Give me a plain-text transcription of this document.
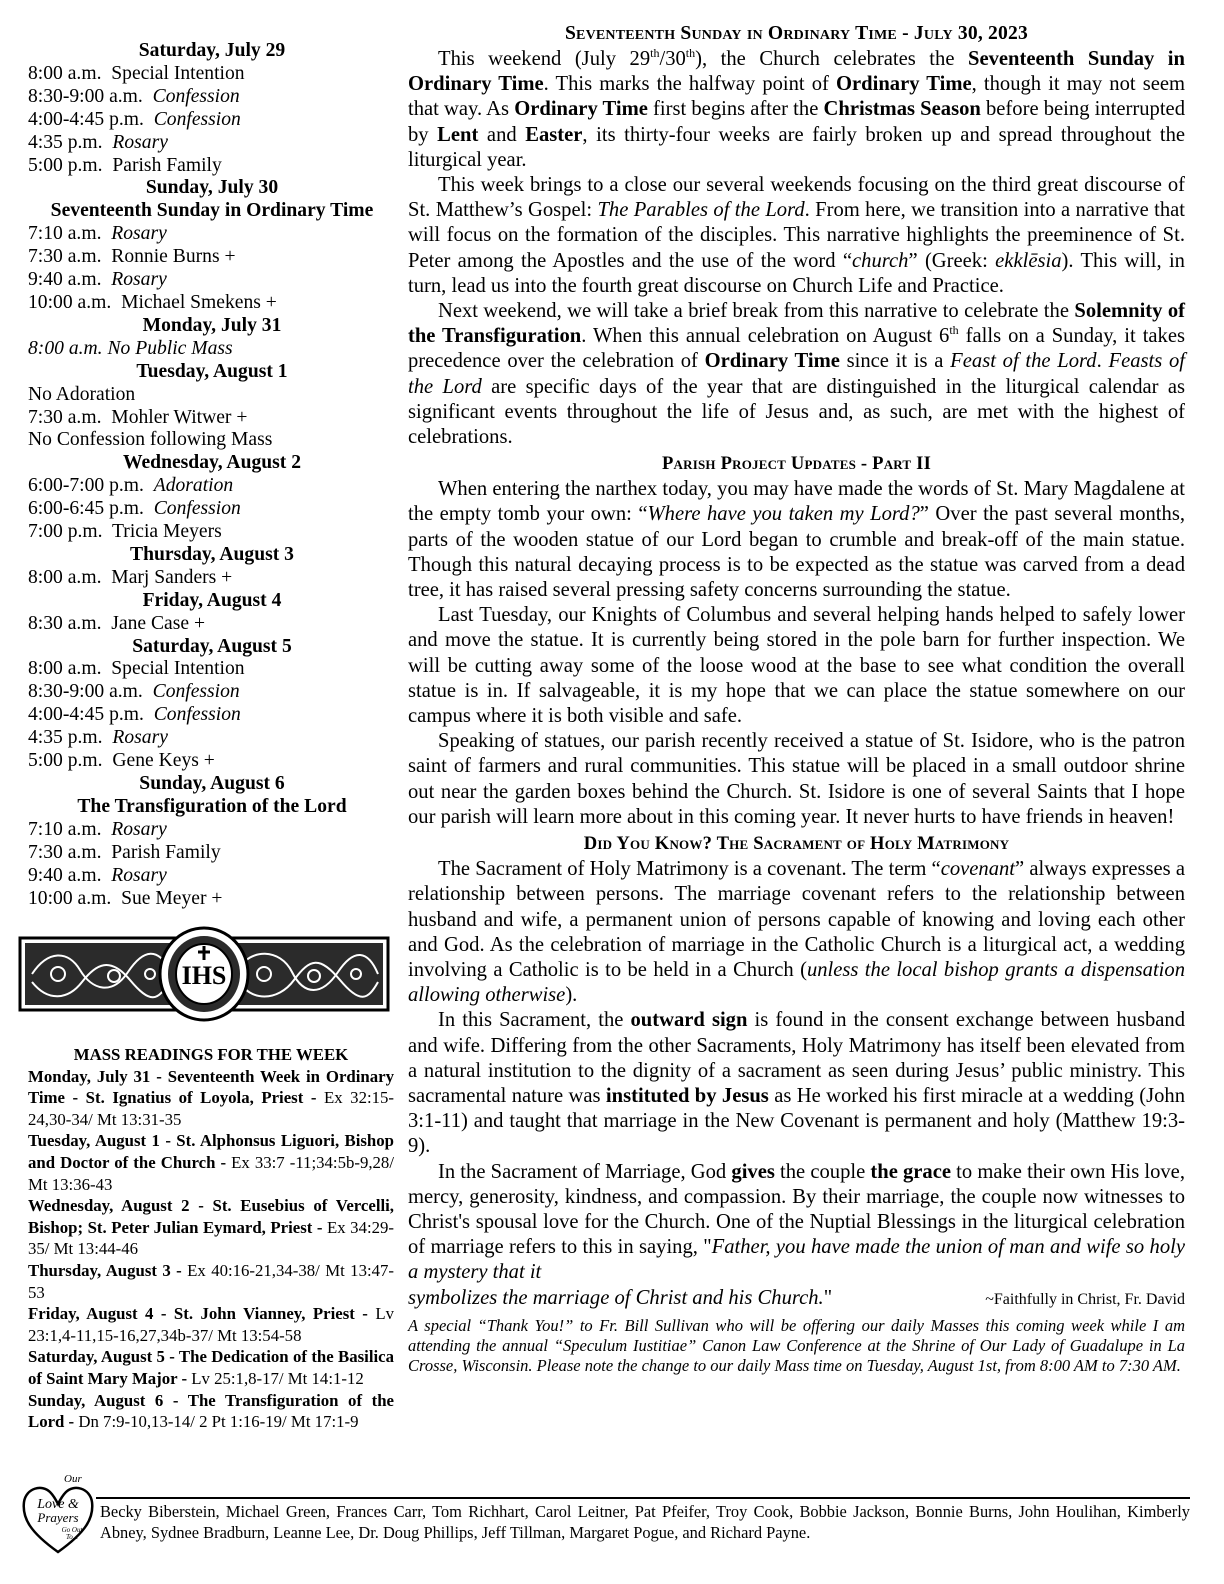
Saturday, July 29
8:00 a.m. Special Intention
8:30-9:00 a.m. Confession
4:00-4:45 p.m. Confession
4:35 p.m. Rosary
5:00 p.m. Parish Family
Sunday, July 30
Seventeenth Sunday in Ordinary Time
7:10 a.m. Rosary
7:30 a.m. Ronnie Burns +
9:40 a.m. Rosary
10:00 a.m. Michael Smekens +
Monday, July 31
8:00 a.m. No Public Mass
Tuesday, August 1
No Adoration
7:30 a.m. Mohler Witwer +
No Confession following Mass
Wednesday, August 2
6:00-7:00 p.m. Adoration
6:00-6:45 p.m. Confession
7:00 p.m. Tricia Meyers
Thursday, August 3
8:00 a.m. Marj Sanders +
Friday, August 4
8:30 a.m. Jane Case +
Saturday, August 5
8:00 a.m. Special Intention
8:30-9:00 a.m. Confession
4:00-4:45 p.m. Confession
4:35 p.m. Rosary
5:00 p.m. Gene Keys +
Sunday, August 6
The Transfiguration of the Lord
7:10 a.m. Rosary
7:30 a.m. Parish Family
9:40 a.m. Rosary
10:00 a.m. Sue Meyer +
IHS
MASS READINGS FOR THE WEEK
Monday, July 31 - Seventeenth Week in Ordinary Time - St. Ignatius of Loyola, Priest - Ex 32:15-24,30-34/ Mt 13:31-35
Tuesday, August 1 - St. Alphonsus Liguori, Bishop and Doctor of the Church - Ex 33:7 -11;34:5b-9,28/ Mt 13:36-43
Wednesday, August 2 - St. Eusebius of Vercelli, Bishop; St. Peter Julian Eymard, Priest - Ex 34:29-35/ Mt 13:44-46
Thursday, August 3 - Ex 40:16-21,34-38/ Mt 13:47-53
Friday, August 4 - St. John Vianney, Priest - Lv 23:1,4-11,15-16,27,34b-37/ Mt 13:54-58
Saturday, August 5 - The Dedication of the Basilica of Saint Mary Major - Lv 25:1,8-17/ Mt 14:1-12
Sunday, August 6 - The Transfiguration of the Lord - Dn 7:9-10,13-14/ 2 Pt 1:16-19/ Mt 17:1-9
Seventeenth Sunday in Ordinary Time - July 30, 2023

This weekend (July 29th/30th), the Church celebrates the Seventeenth Sunday in Ordinary Time. This marks the halfway point of Ordinary Time, though it may not seem that way. As Ordinary Time first begins after the Christmas Season before being interrupted by Lent and Easter, its thirty-four weeks are fairly broken up and spread throughout the liturgical year.

This week brings to a close our several weekends focusing on the third great discourse of St. Matthew’s Gospel: The Parables of the Lord. From here, we transition into a narrative that will focus on the formation of the disciples. This narrative highlights the preeminence of St. Peter among the Apostles and the use of the word “church” (Greek: ekklēsia). This will, in turn, lead us into the fourth great discourse on Church Life and Practice.

Next weekend, we will take a brief break from this narrative to celebrate the Solemnity of the Transfiguration. When this annual celebration on August 6th falls on a Sunday, it takes precedence over the celebration of Ordinary Time since it is a Feast of the Lord. Feasts of the Lord are specific days of the year that are distinguished in the liturgical calendar as significant events throughout the life of Jesus and, as such, are met with the highest of celebrations.

Parish Project Updates - Part II

When entering the narthex today, you may have made the words of St. Mary Magdalene at the empty tomb your own: “Where have you taken my Lord?” Over the past several months, parts of the wooden statue of our Lord began to crumble and break-off of the main statue. Though this natural decaying process is to be expected as the statue was carved from a dead tree, it has raised several pressing safety concerns surrounding the statue.

Last Tuesday, our Knights of Columbus and several helping hands helped to safely lower and move the statue. It is currently being stored in the pole barn for further inspection. We will be cutting away some of the loose wood at the base to see what condition the overall statue is in. If salvageable, it is my hope that we can place the statue somewhere on our campus where it is both visible and safe.

Speaking of statues, our parish recently received a statue of St. Isidore, who is the patron saint of farmers and rural communities. This statue will be placed in a small outdoor shrine out near the garden boxes behind the Church. St. Isidore is one of several Saints that I hope our parish will learn more about in this coming year. It never hurts to have friends in heaven!

Did You Know? The Sacrament of Holy Matrimony

The Sacrament of Holy Matrimony is a covenant. The term “covenant” always expresses a relationship between persons. The marriage covenant refers to the relationship between husband and wife, a permanent union of persons capable of knowing and loving each other and God. As the celebration of marriage in the Catholic Church is a liturgical act, a wedding involving a Catholic is to be held in a Church (unless the local bishop grants a dispensation allowing otherwise).

In this Sacrament, the outward sign is found in the consent exchange between husband and wife. Differing from the other Sacraments, Holy Matrimony has itself been elevated from a natural institution to the dignity of a sacrament as seen during Jesus’ public ministry. This sacramental nature was instituted by Jesus as He worked his first miracle at a wedding (John 3:1-11) and taught that marriage in the New Covenant is permanent and holy (Matthew 19:3-9).

In the Sacrament of Marriage, God gives the couple the grace to make their own His love, mercy, generosity, kindness, and compassion. By their marriage, the couple now witnesses to Christ's spousal love for the Church. One of the Nuptial Blessings in the liturgical celebration of marriage refers to this in saying, "Father, you have made the union of man and wife so holy a mystery that it

symbolizes the marriage of Christ and his Church."	~Faithfully in Christ, Fr. David
A special “Thank You!” to Fr. Bill Sullivan who will be offering our daily Masses this coming week while I am attending the annual “Speculum Iustitiae” Canon Law Conference at the Shrine of Our Lady of Guadalupe in La Crosse, Wisconsin. Please note the change to our daily Mass time on Tuesday, August 1st, from 8:00 AM to 7:30 AM.
Our
Love &
Prayers
Go Out
To...
Becky Biberstein, Michael Green, Frances Carr, Tom Richhart, Carol Leitner, Pat Pfeifer, Troy Cook, Bobbie Jackson, Bonnie Burns, John Houlihan, Kimberly Abney, Sydnee Bradburn, Leanne Lee, Dr. Doug Phillips, Jeff Tillman, Margaret Pogue, and Richard Payne.
